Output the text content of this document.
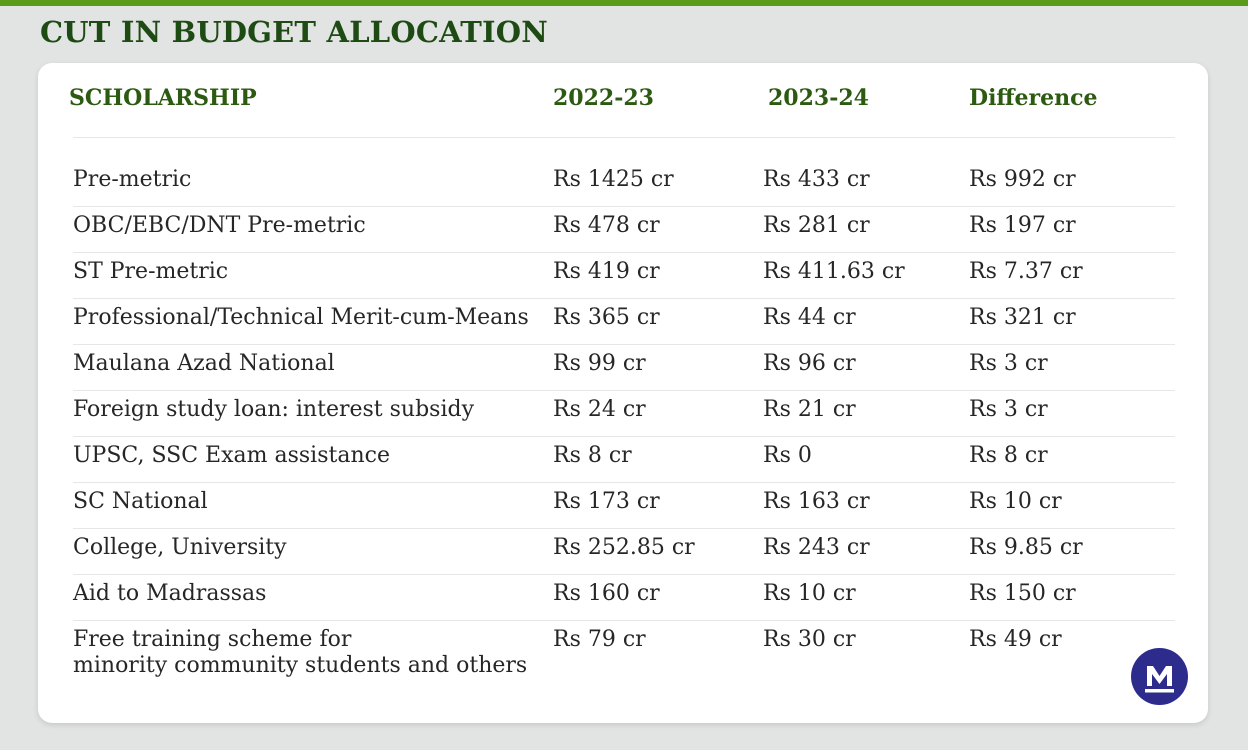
CUT IN BUDGET ALLOCATION
SCHOLARSHIP	2022-23	2023-24	Difference
Pre-metric	Rs 1425 cr	Rs 433 cr	Rs 992 cr
OBC/EBC/DNT Pre-metric	Rs 478 cr	Rs 281 cr	Rs 197 cr
ST Pre-metric	Rs 419 cr	Rs 411.63 cr	Rs 7.37 cr
Professional/Technical Merit-cum-Means Rs 365 cr	Rs 44 cr	Rs 321 cr
Maulana Azad National	Rs 99 cr	Rs 96 cr	Rs 3 cr
Foreign study loan: interest subsidy	Rs 24 cr	Rs 21 cr	Rs 3 cr
UPSC, SSC Exam assistance	Rs 8 cr	Rs 0	Rs 8 cr
SC National	Rs 173 cr	Rs 163 cr	Rs 10 cr
College, University	Rs 252.85 cr	Rs 243 cr	Rs 9.85 cr
Aid to Madrassas	Rs 160 cr	Rs 10 cr	Rs 150 cr
Free training scheme for
minority community students and others
Rs 79 cr	Rs 30 cr	Rs 49 cr
